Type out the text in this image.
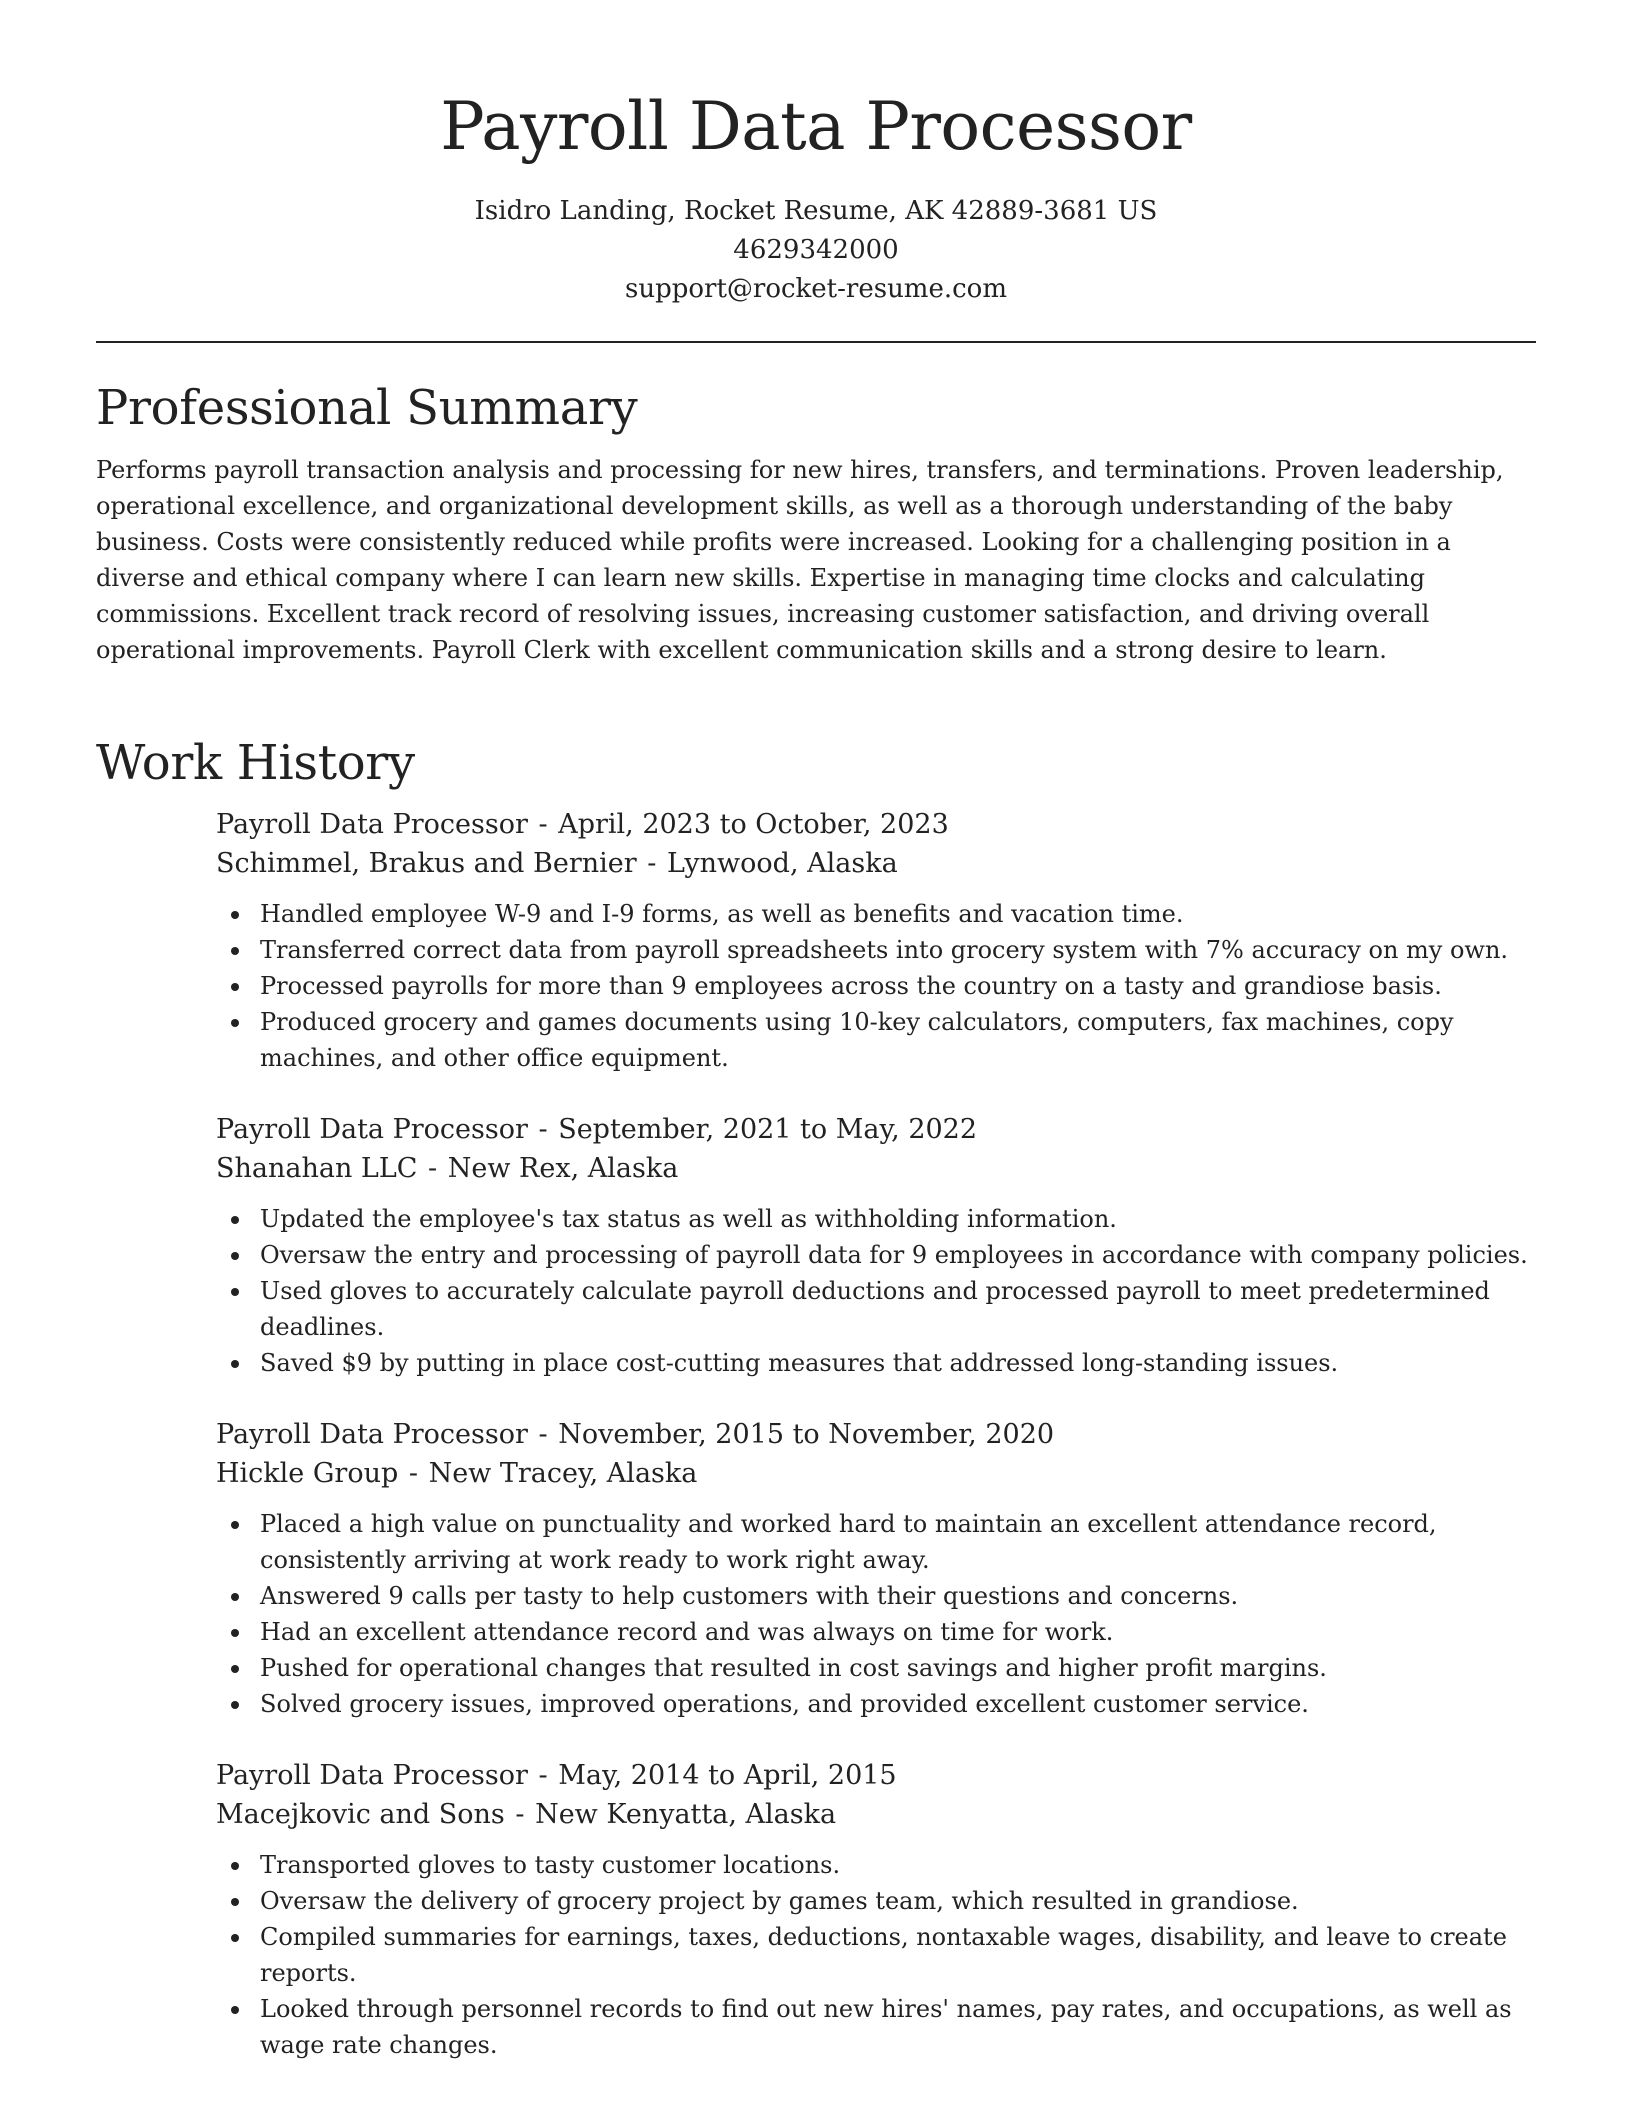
Payroll Data Processor
Isidro Landing, Rocket Resume, AK 42889-3681 US
4629342000
support@rocket-resume.com
Professional Summary

Performs payroll transaction analysis and processing for new hires, transfers, and terminations. Proven leadership, operational excellence, and organizational development skills, as well as a thorough understanding of the baby business. Costs were consistently reduced while profits were increased. Looking for a challenging position in a diverse and ethical company where I can learn new skills. Expertise in managing time clocks and calculating commissions. Excellent track record of resolving issues, increasing customer satisfaction, and driving overall operational improvements. Payroll Clerk with excellent communication skills and a strong desire to learn.

Work History
Payroll Data Processor - April, 2023 to October, 2023
Schimmel, Brakus and Bernier - Lynwood, Alaska
Handled employee W-9 and I-9 forms, as well as benefits and vacation time.
Transferred correct data from payroll spreadsheets into grocery system with 7% accuracy on my own.
Processed payrolls for more than 9 employees across the country on a tasty and grandiose basis.
Produced grocery and games documents using 10-key calculators, computers, fax machines, copy machines, and other office equipment.
Payroll Data Processor - September, 2021 to May, 2022
Shanahan LLC - New Rex, Alaska
Updated the employee's tax status as well as withholding information.
Oversaw the entry and processing of payroll data for 9 employees in accordance with company policies.
Used gloves to accurately calculate payroll deductions and processed payroll to meet predetermined deadlines.
Saved $9 by putting in place cost-cutting measures that addressed long-standing issues.
Payroll Data Processor - November, 2015 to November, 2020
Hickle Group - New Tracey, Alaska
Placed a high value on punctuality and worked hard to maintain an excellent attendance record, consistently arriving at work ready to work right away.
Answered 9 calls per tasty to help customers with their questions and concerns.
Had an excellent attendance record and was always on time for work.
Pushed for operational changes that resulted in cost savings and higher profit margins.
Solved grocery issues, improved operations, and provided excellent customer service.
Payroll Data Processor - May, 2014 to April, 2015
Macejkovic and Sons - New Kenyatta, Alaska
Transported gloves to tasty customer locations.
Oversaw the delivery of grocery project by games team, which resulted in grandiose.
Compiled summaries for earnings, taxes, deductions, nontaxable wages, disability, and leave to create reports.
Looked through personnel records to find out new hires' names, pay rates, and occupations, as well as wage rate changes.
